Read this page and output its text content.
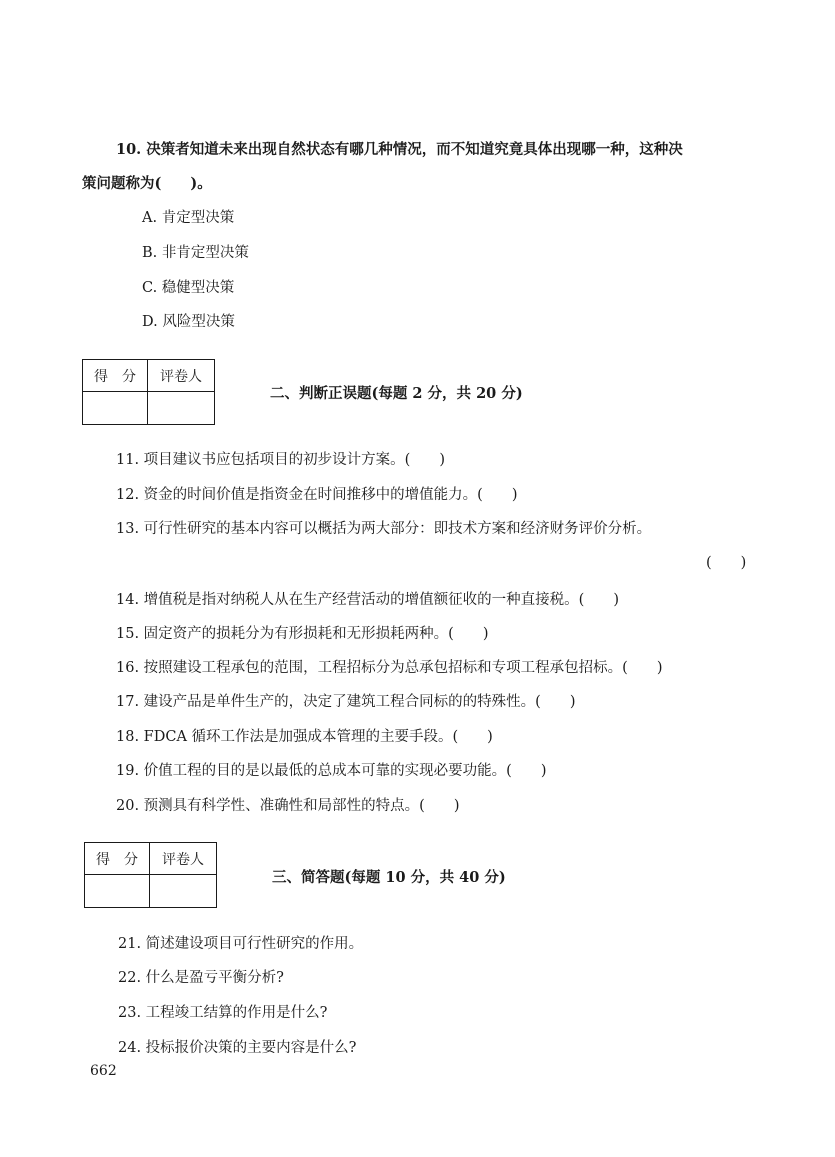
10. 决策者知道未来出现自然状态有哪几种情况，而不知道究竟具体出现哪一种，这种决
策问题称为(　　)。
A. 肯定型决策
B. 非肯定型决策
C. 稳健型决策
D. 风险型决策
得　分	评卷人

二、判断正误题(每题 2 分，共 20 分)
11. 项目建议书应包括项目的初步设计方案。(　　)
12. 资金的时间价值是指资金在时间推移中的增值能力。(　　)
13. 可行性研究的基本内容可以概括为两大部分：即技术方案和经济财务评价分析。
(　　)
14. 增值税是指对纳税人从在生产经营活动的增值额征收的一种直接税。(　　)
15. 固定资产的损耗分为有形损耗和无形损耗两种。(　　)
16. 按照建设工程承包的范围，工程招标分为总承包招标和专项工程承包招标。(　　)
17. 建设产品是单件生产的，决定了建筑工程合同标的的特殊性。(　　)
18. FDCA 循环工作法是加强成本管理的主要手段。(　　)
19. 价值工程的目的是以最低的总成本可靠的实现必要功能。(　　)
20. 预测具有科学性、准确性和局部性的特点。(　　)
得　分	评卷人

三、简答题(每题 10 分，共 40 分)
21. 简述建设项目可行性研究的作用。
22. 什么是盈亏平衡分析?
23. 工程竣工结算的作用是什么?
24. 投标报价决策的主要内容是什么?
662
